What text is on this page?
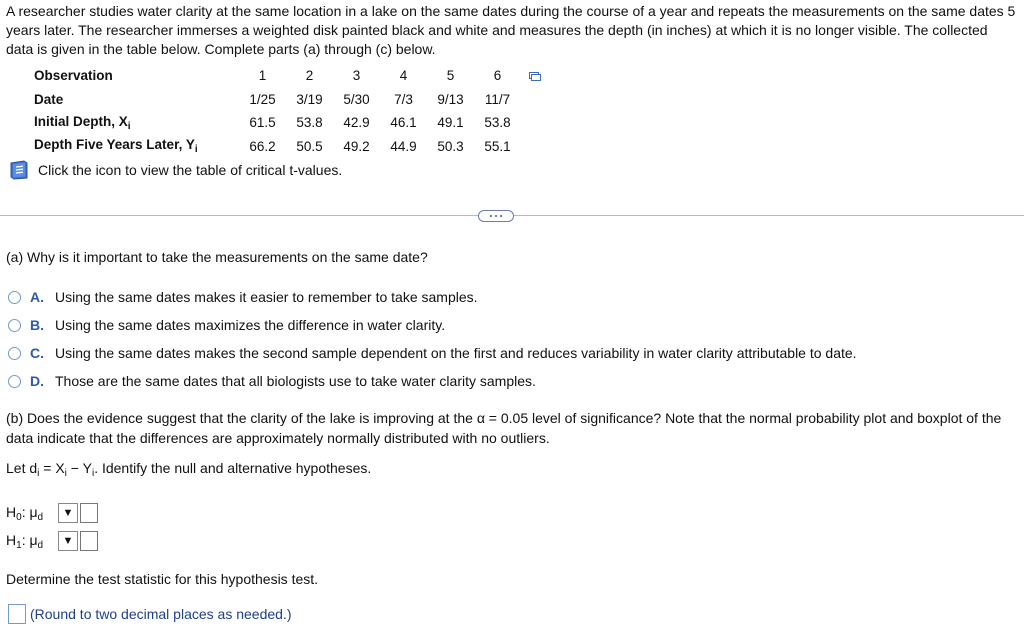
A researcher studies water clarity at the same location in a lake on the same dates during the course of a year and repeats the measurements on the same dates 5 years later. The researcher immerses a weighted disk painted black and white and measures the depth (in inches) at which it is no longer visible. The collected data is given in the table below. Complete parts (a) through (c) below.
Observation	1	2	3	4	5	6	
Date	1/25	3/19	5/30	7/3	9/13	11/7	
Initial Depth, $X_i$	61.5	53.8	42.9	46.1	49.1	53.8	
Depth Five Years Later, $Y_i$	66.2	50.5	49.2	44.9	50.3	55.1	
Click the icon to view the table of critical t-values.
(a) Why is it important to take the measurements on the same date?
A. Using the same dates makes it easier to remember to take samples.
B. Using the same dates maximizes the difference in water clarity.
C. Using the same dates makes the second sample dependent on the first and reduces variability in water clarity attributable to date.
D. Those are the same dates that all biologists use to take water clarity samples.
(b) Does the evidence suggest that the clarity of the lake is improving at the α = 0.05 level of significance? Note that the normal probability plot and boxplot of the data indicate that the differences are approximately normally distributed with no outliers.
Let $d_i = X_i - Y_i$. Identify the null and alternative hypotheses.
$H_0$: $\mu_d$	▼
$H_1$: $\mu_d$	▼
Determine the test statistic for this hypothesis test.
(Round to two decimal places as needed.)
